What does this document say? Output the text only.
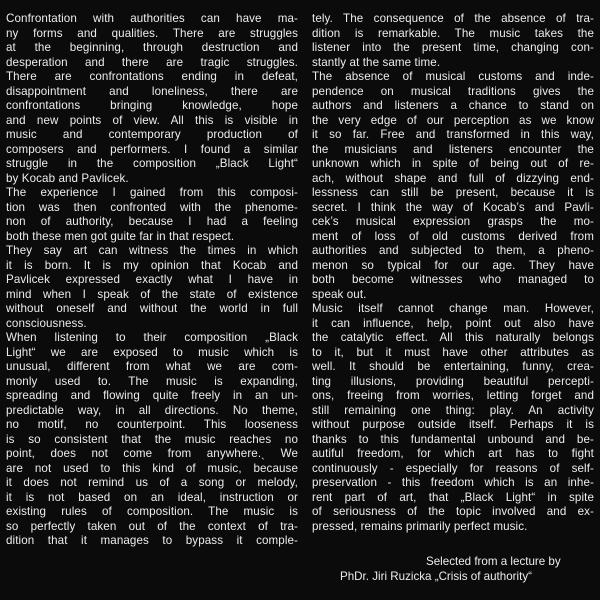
Confrontation with authorities can have ma-
ny forms and qualities. There are struggles
at the beginning, through destruction and
desperation and there are tragic struggles.
There are confrontations ending in defeat,
disappointment and loneliness, there are
confrontations bringing knowledge, hope
and new points of view. All this is visible in
music and contemporary production of
composers and performers. I found a similar
struggle in the composition „Black Light“
by Kocab and Pavlicek.
The experience I gained from this composi-
tion was then confronted with the phenome-
non of authority, because I had a feeling
both these men got guite far in that respect.
They say art can witness the times in which
it is born. It is my opinion that Kocab and
Pavlicek expressed exactly what I have in
mind when I speak of the state of existence
without oneself and without the world in full
consciousness.
When listening to their composition „Black
Light“ we are exposed to music which is
unusual, different from what we are com-
monly used to. The music is expanding,
spreading and flowing quite freely in an un-
predictable way, in all directions. No theme,
no motif, no counterpoint. This looseness
is so consistent that the music reaches no
point, does not come from anywhere.ˎ We
are not used to this kind of music, because
it does not remind us of a song or melody,
it is not based on an ideal, instruction or
existing rules of composition. The music is
so perfectly taken out of the context of tra-
dition that it manages to bypass it comple-
tely. The consequence of the absence of tra-
dition is remarkable. The music takes the
listener into the present time, changing con-
stantly at the same time.
The absence of musical customs and inde-
pendence on musical traditions gives the
authors and listeners a chance to stand on
the very edge of our perception as we know
it so far. Free and transformed in this way,
the musicians and listeners encounter the
unknown which in spite of being out of re-
ach, without shape and full of dizzying end-
lessness can still be present, because it is
secret. I think the way of Kocab’s and Pavli-
cek’s musical expression grasps the mo-
ment of loss of old customs derived from
authorities and subjected to them, a pheno-
menon so typical for our age. They have
both become witnesses who managed to
speak out.
Music itself cannot change man. However,
it can influence, help, point out also have
the catalytic effect. All this naturally belongs
to it, but it must have other attributes as
well. It should be entertaining, funny, crea-
ting illusions, providing beautiful percepti-
ons, freeing from worries, letting forget and
still remaining one thing: play. An activity
without purpose outside itself. Perhaps it is
thanks to this fundamental unbound and be-
autiful freedom, for which art has to fight
continuously - especially for reasons of self-
preservation - this freedom which is an inhe-
rent part of art, that „Black Light“ in spite
of seriousness of the topic involved and ex-
pressed, remains primarily perfect music.
Selected from a lecture by
PhDr. Jiri Ruzicka „Crisis of authority“
